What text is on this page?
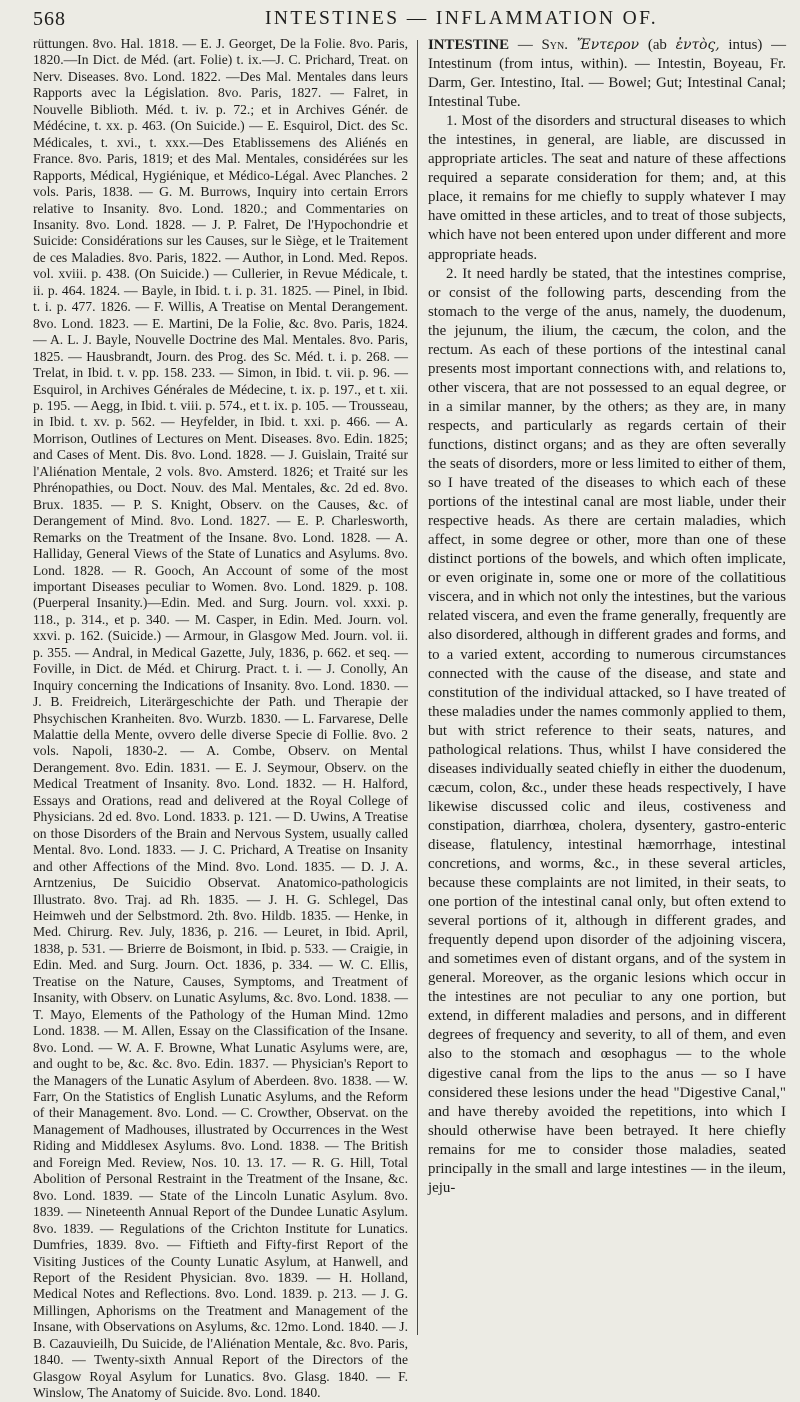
568	INTESTINES — INFLAMMATION OF.

rüttungen. 8vo. Hal. 1818. — E. J. Georget, De la Folie. 8vo. Paris, 1820.—In Dict. de Méd. (art. Folie) t. ix.—J. C. Prichard, Treat. on Nerv. Diseases. 8vo. Lond. 1822. —Des Mal. Mentales dans leurs Rapports avec la Législation. 8vo. Paris, 1827. — Falret, in Nouvelle Biblioth. Méd. t. iv. p. 72.; et in Archives Génér. de Médécine, t. xx. p. 463. (On Suicide.) — E. Esquirol, Dict. des Sc. Médicales, t. xvi., t. xxx.—Des Etablissemens des Aliénés en France. 8vo. Paris, 1819; et des Mal. Mentales, considérées sur les Rapports, Médical, Hygiénique, et Médico-Légal. Avec Planches. 2 vols. Paris, 1838. — G. M. Burrows, Inquiry into certain Errors relative to Insanity. 8vo. Lond. 1820.; and Commentaries on Insanity. 8vo. Lond. 1828. — J. P. Falret, De l'Hypochondrie et Suicide: Considérations sur les Causes, sur le Siège, et le Traitement de ces Maladies. 8vo. Paris, 1822. — Author, in Lond. Med. Repos. vol. xviii. p. 438. (On Suicide.) — Cullerier, in Revue Médicale, t. ii. p. 464. 1824. — Bayle, in Ibid. t. i. p. 31. 1825. — Pinel, in Ibid. t. i. p. 477. 1826. — F. Willis, A Treatise on Mental Derangement. 8vo. Lond. 1823. — E. Martini, De la Folie, &c. 8vo. Paris, 1824. — A. L. J. Bayle, Nouvelle Doctrine des Mal. Mentales. 8vo. Paris, 1825. — Hausbrandt, Journ. des Prog. des Sc. Méd. t. i. p. 268. — Trelat, in Ibid. t. v. pp. 158. 233. — Simon, in Ibid. t. vii. p. 96. — Esquirol, in Archives Générales de Médecine, t. ix. p. 197., et t. xii. p. 195. — Aegg, in Ibid. t. viii. p. 574., et t. ix. p. 105. — Trousseau, in Ibid. t. xv. p. 562. — Heyfelder, in Ibid. t. xxi. p. 466. — A. Morrison, Outlines of Lectures on Ment. Diseases. 8vo. Edin. 1825; and Cases of Ment. Dis. 8vo. Lond. 1828. — J. Guislain, Traité sur l'Aliénation Mentale, 2 vols. 8vo. Amsterd. 1826; et Traité sur les Phrénopathies, ou Doct. Nouv. des Mal. Mentales, &c. 2d ed. 8vo. Brux. 1835. — P. S. Knight, Observ. on the Causes, &c. of Derangement of Mind. 8vo. Lond. 1827. — E. P. Charlesworth, Remarks on the Treatment of the Insane. 8vo. Lond. 1828. — A. Halliday, General Views of the State of Lunatics and Asylums. 8vo. Lond. 1828. — R. Gooch, An Account of some of the most important Diseases peculiar to Women. 8vo. Lond. 1829. p. 108. (Puerperal Insanity.)—Edin. Med. and Surg. Journ. vol. xxxi. p. 118., p. 314., et p. 340. — M. Casper, in Edin. Med. Journ. vol. xxvi. p. 162. (Suicide.) — Armour, in Glasgow Med. Journ. vol. ii. p. 355. — Andral, in Medical Gazette, July, 1836, p. 662. et seq. — Foville, in Dict. de Méd. et Chirurg. Pract. t. i. — J. Conolly, An Inquiry concerning the Indications of Insanity. 8vo. Lond. 1830. — J. B. Freidreich, Literärgeschichte der Path. und Therapie der Phsychischen Kranheiten. 8vo. Wurzb. 1830. — L. Farvarese, Delle Malattie della Mente, ovvero delle diverse Specie di Follie. 8vo. 2 vols. Napoli, 1830-2. — A. Combe, Observ. on Mental Derangement. 8vo. Edin. 1831. — E. J. Seymour, Observ. on the Medical Treatment of Insanity. 8vo. Lond. 1832. — H. Halford, Essays and Orations, read and delivered at the Royal College of Physicians. 2d ed. 8vo. Lond. 1833. p. 121. — D. Uwins, A Treatise on those Disorders of the Brain and Nervous System, usually called Mental. 8vo. Lond. 1833. — J. C. Prichard, A Treatise on Insanity and other Affections of the Mind. 8vo. Lond. 1835. — D. J. A. Arntzenius, De Suicidio Observat. Anatomico-pathologicis Illustrato. 8vo. Traj. ad Rh. 1835. — J. H. G. Schlegel, Das Heimweh und der Selbstmord. 2th. 8vo. Hildb. 1835. — Henke, in Med. Chirurg. Rev. July, 1836, p. 216. — Leuret, in Ibid. April, 1838, p. 531. — Brierre de Boismont, in Ibid. p. 533. — Craigie, in Edin. Med. and Surg. Journ. Oct. 1836, p. 334. — W. C. Ellis, Treatise on the Nature, Causes, Symptoms, and Treatment of Insanity, with Observ. on Lunatic Asylums, &c. 8vo. Lond. 1838. — T. Mayo, Elements of the Pathology of the Human Mind. 12mo Lond. 1838. — M. Allen, Essay on the Classification of the Insane. 8vo. Lond. — W. A. F. Browne, What Lunatic Asylums were, are, and ought to be, &c. &c. 8vo. Edin. 1837. — Physician's Report to the Managers of the Lunatic Asylum of Aberdeen. 8vo. 1838. — W. Farr, On the Statistics of English Lunatic Asylums, and the Reform of their Management. 8vo. Lond. — C. Crowther, Observat. on the Management of Madhouses, illustrated by Occurrences in the West Riding and Middlesex Asylums. 8vo. Lond. 1838. — The British and Foreign Med. Review, Nos. 10. 13. 17. — R. G. Hill, Total Abolition of Personal Restraint in the Treatment of the Insane, &c. 8vo. Lond. 1839. — State of the Lincoln Lunatic Asylum. 8vo. 1839. — Nineteenth Annual Report of the Dundee Lunatic Asylum. 8vo. 1839. — Regulations of the Crichton Institute for Lunatics. Dumfries, 1839. 8vo. — Fiftieth and Fifty-first Report of the Visiting Justices of the County Lunatic Asylum, at Hanwell, and Report of the Resident Physician. 8vo. 1839. — H. Holland, Medical Notes and Reflections. 8vo. Lond. 1839. p. 213. — J. G. Millingen, Aphorisms on the Treatment and Management of the Insane, with Observations on Asylums, &c. 12mo. Lond. 1840. — J. B. Cazauvieilh, Du Suicide, de l'Aliénation Mentale, &c. 8vo. Paris, 1840. — Twenty-sixth Annual Report of the Directors of the Glasgow Royal Asylum for Lunatics. 8vo. Glasg. 1840. — F. Winslow, The Anatomy of Suicide. 8vo. Lond. 1840.

INTESTINE — Syn. Ἔντερον (ab ἐντὸς, intus) — Intestinum (from intus, within). — Intestin, Boyeau, Fr. Darm, Ger. Intestino, Ital. — Bowel; Gut; Intestinal Canal; Intestinal Tube.

1. Most of the disorders and structural diseases to which the intestines, in general, are liable, are discussed in appropriate articles. The seat and nature of these affections required a separate consideration for them; and, at this place, it remains for me chiefly to supply whatever I may have omitted in these articles, and to treat of those subjects, which have not been entered upon under different and more appropriate heads.

2. It need hardly be stated, that the intestines comprise, or consist of the following parts, descending from the stomach to the verge of the anus, namely, the duodenum, the jejunum, the ilium, the cæcum, the colon, and the rectum. As each of these portions of the intestinal canal presents most important connections with, and relations to, other viscera, that are not possessed to an equal degree, or in a similar manner, by the others; as they are, in many respects, and particularly as regards certain of their functions, distinct organs; and as they are often severally the seats of disorders, more or less limited to either of them, so I have treated of the diseases to which each of these portions of the intestinal canal are most liable, under their respective heads. As there are certain maladies, which affect, in some degree or other, more than one of these distinct portions of the bowels, and which often implicate, or even originate in, some one or more of the collatitious viscera, and in which not only the intestines, but the various related viscera, and even the frame generally, frequently are also disordered, although in different grades and forms, and to a varied extent, according to numerous circumstances connected with the cause of the disease, and state and constitution of the individual attacked, so I have treated of these maladies under the names commonly applied to them, but with strict reference to their seats, natures, and pathological relations. Thus, whilst I have considered the diseases individually seated chiefly in either the duodenum, cæcum, colon, &c., under these heads respectively, I have likewise discussed colic and ileus, costiveness and constipation, diarrhœa, cholera, dysentery, gastro-enteric disease, flatulency, intestinal hæmorrhage, intestinal concretions, and worms, &c., in these several articles, because these complaints are not limited, in their seats, to one portion of the intestinal canal only, but often extend to several portions of it, although in different grades, and frequently depend upon disorder of the adjoining viscera, and sometimes even of distant organs, and of the system in general. Moreover, as the organic lesions which occur in the intestines are not peculiar to any one portion, but extend, in different maladies and persons, and in different degrees of frequency and severity, to all of them, and even also to the stomach and œsophagus — to the whole digestive canal from the lips to the anus — so I have considered these lesions under the head "Digestive Canal," and have thereby avoided the repetitions, into which I should otherwise have been betrayed. It here chiefly remains for me to consider those maladies, seated principally in the small and large intestines — in the ileum, jeju-
